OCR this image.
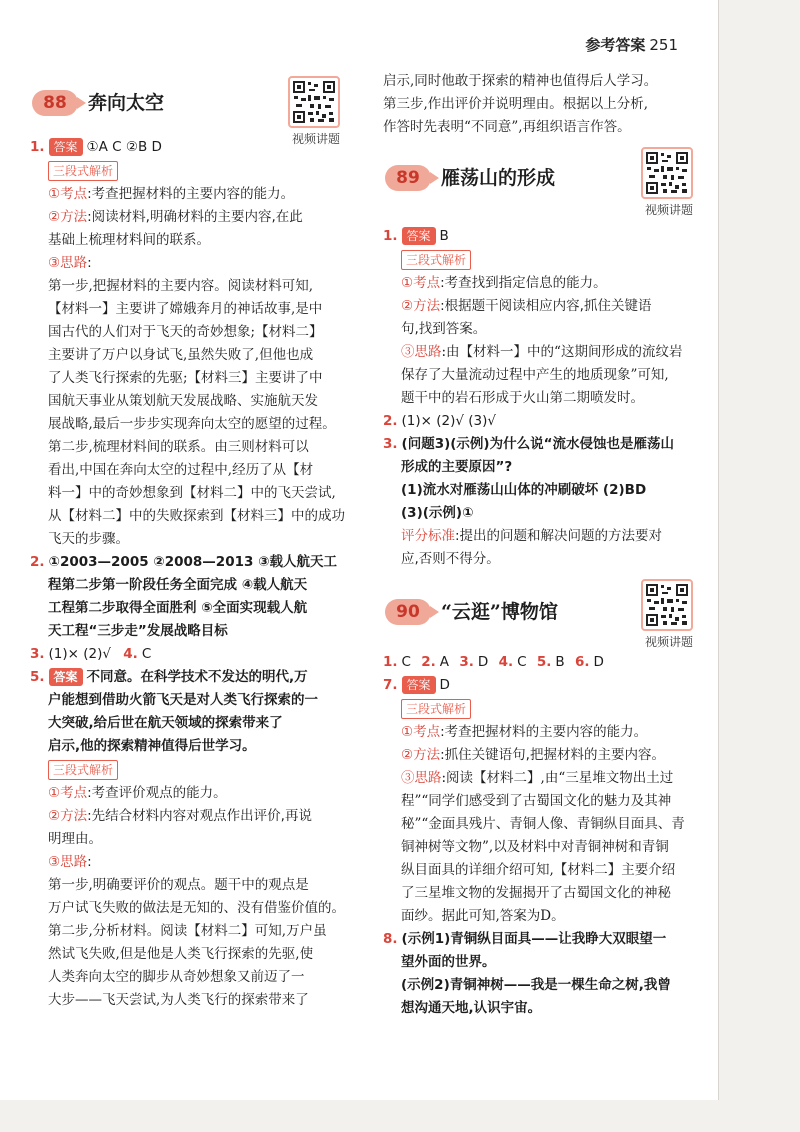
参考答案 251
88	奔向太空
视频讲题
1. 答案 ①A C ②B D
三段式解析
①考点:考查把握材料的主要内容的能力。
②方法:阅读材料,明确材料的主要内容,在此
基础上梳理材料间的联系。
③思路:
第一步,把握材料的主要内容。阅读材料可知,
【材料一】主要讲了嫦娥奔月的神话故事,是中
国古代的人们对于飞天的奇妙想象;【材料二】
主要讲了万户以身试飞,虽然失败了,但他也成
了人类飞行探索的先驱;【材料三】主要讲了中
国航天事业从策划航天发展战略、实施航天发
展战略,最后一步步实现奔向太空的愿望的过程。
第二步,梳理材料间的联系。由三则材料可以
看出,中国在奔向太空的过程中,经历了从【材
料一】中的奇妙想象到【材料二】中的飞天尝试,
从【材料二】中的失败探索到【材料三】中的成功
飞天的步骤。
2. ①2003—2005 ②2008—2013 ③载人航天工
程第二步第一阶段任务全面完成 ④载人航天
工程第二步取得全面胜利 ⑤全面实现载人航
天工程“三步走”发展战略目标
3. (1)× (2)√ 4. C
5. 答案 不同意。在科学技术不发达的明代,万
户能想到借助火箭飞天是对人类飞行探索的一
大突破,给后世在航天领域的探索带来了
启示,他的探索精神值得后世学习。
三段式解析
①考点:考查评价观点的能力。
②方法:先结合材料内容对观点作出评价,再说
明理由。
③思路:
第一步,明确要评价的观点。题干中的观点是
万户试飞失败的做法是无知的、没有借鉴价值的。
第二步,分析材料。阅读【材料二】可知,万户虽
然试飞失败,但是他是人类飞行探索的先驱,使
人类奔向太空的脚步从奇妙想象又前迈了一
大步——飞天尝试,为人类飞行的探索带来了
启示,同时他敢于探索的精神也值得后人学习。
第三步,作出评价并说明理由。根据以上分析,
作答时先表明“不同意”,再组织语言作答。
89	雁荡山的形成
视频讲题
1. 答案 B
三段式解析
①考点:考查找到指定信息的能力。
②方法:根据题干阅读相应内容,抓住关键语
句,找到答案。
③思路:由【材料一】中的“这期间形成的流纹岩
保存了大量流动过程中产生的地质现象”可知,
题干中的岩石形成于火山第二期喷发时。
2. (1)× (2)√ (3)√
3. (问题3)(示例)为什么说“流水侵蚀也是雁荡山
形成的主要原因”?
(1)流水对雁荡山山体的冲刷破坏 (2)BD
(3)(示例)①
评分标准:提出的问题和解决问题的方法要对
应,否则不得分。
90	“云逛”博物馆
视频讲题
1. C 2. A 3. D 4. C 5. B 6. D
7. 答案 D
三段式解析
①考点:考查把握材料的主要内容的能力。
②方法:抓住关键语句,把握材料的主要内容。
③思路:阅读【材料二】,由“三星堆文物出土过
程”“同学们感受到了古蜀国文化的魅力及其神
秘”“金面具残片、青铜人像、青铜纵目面具、青
铜神树等文物”,以及材料中对青铜神树和青铜
纵目面具的详细介绍可知,【材料二】主要介绍
了三星堆文物的发掘揭开了古蜀国文化的神秘
面纱。据此可知,答案为D。
8. (示例1)青铜纵目面具——让我睁大双眼望一
望外面的世界。
(示例2)青铜神树——我是一棵生命之树,我曾
想沟通天地,认识宇宙。
